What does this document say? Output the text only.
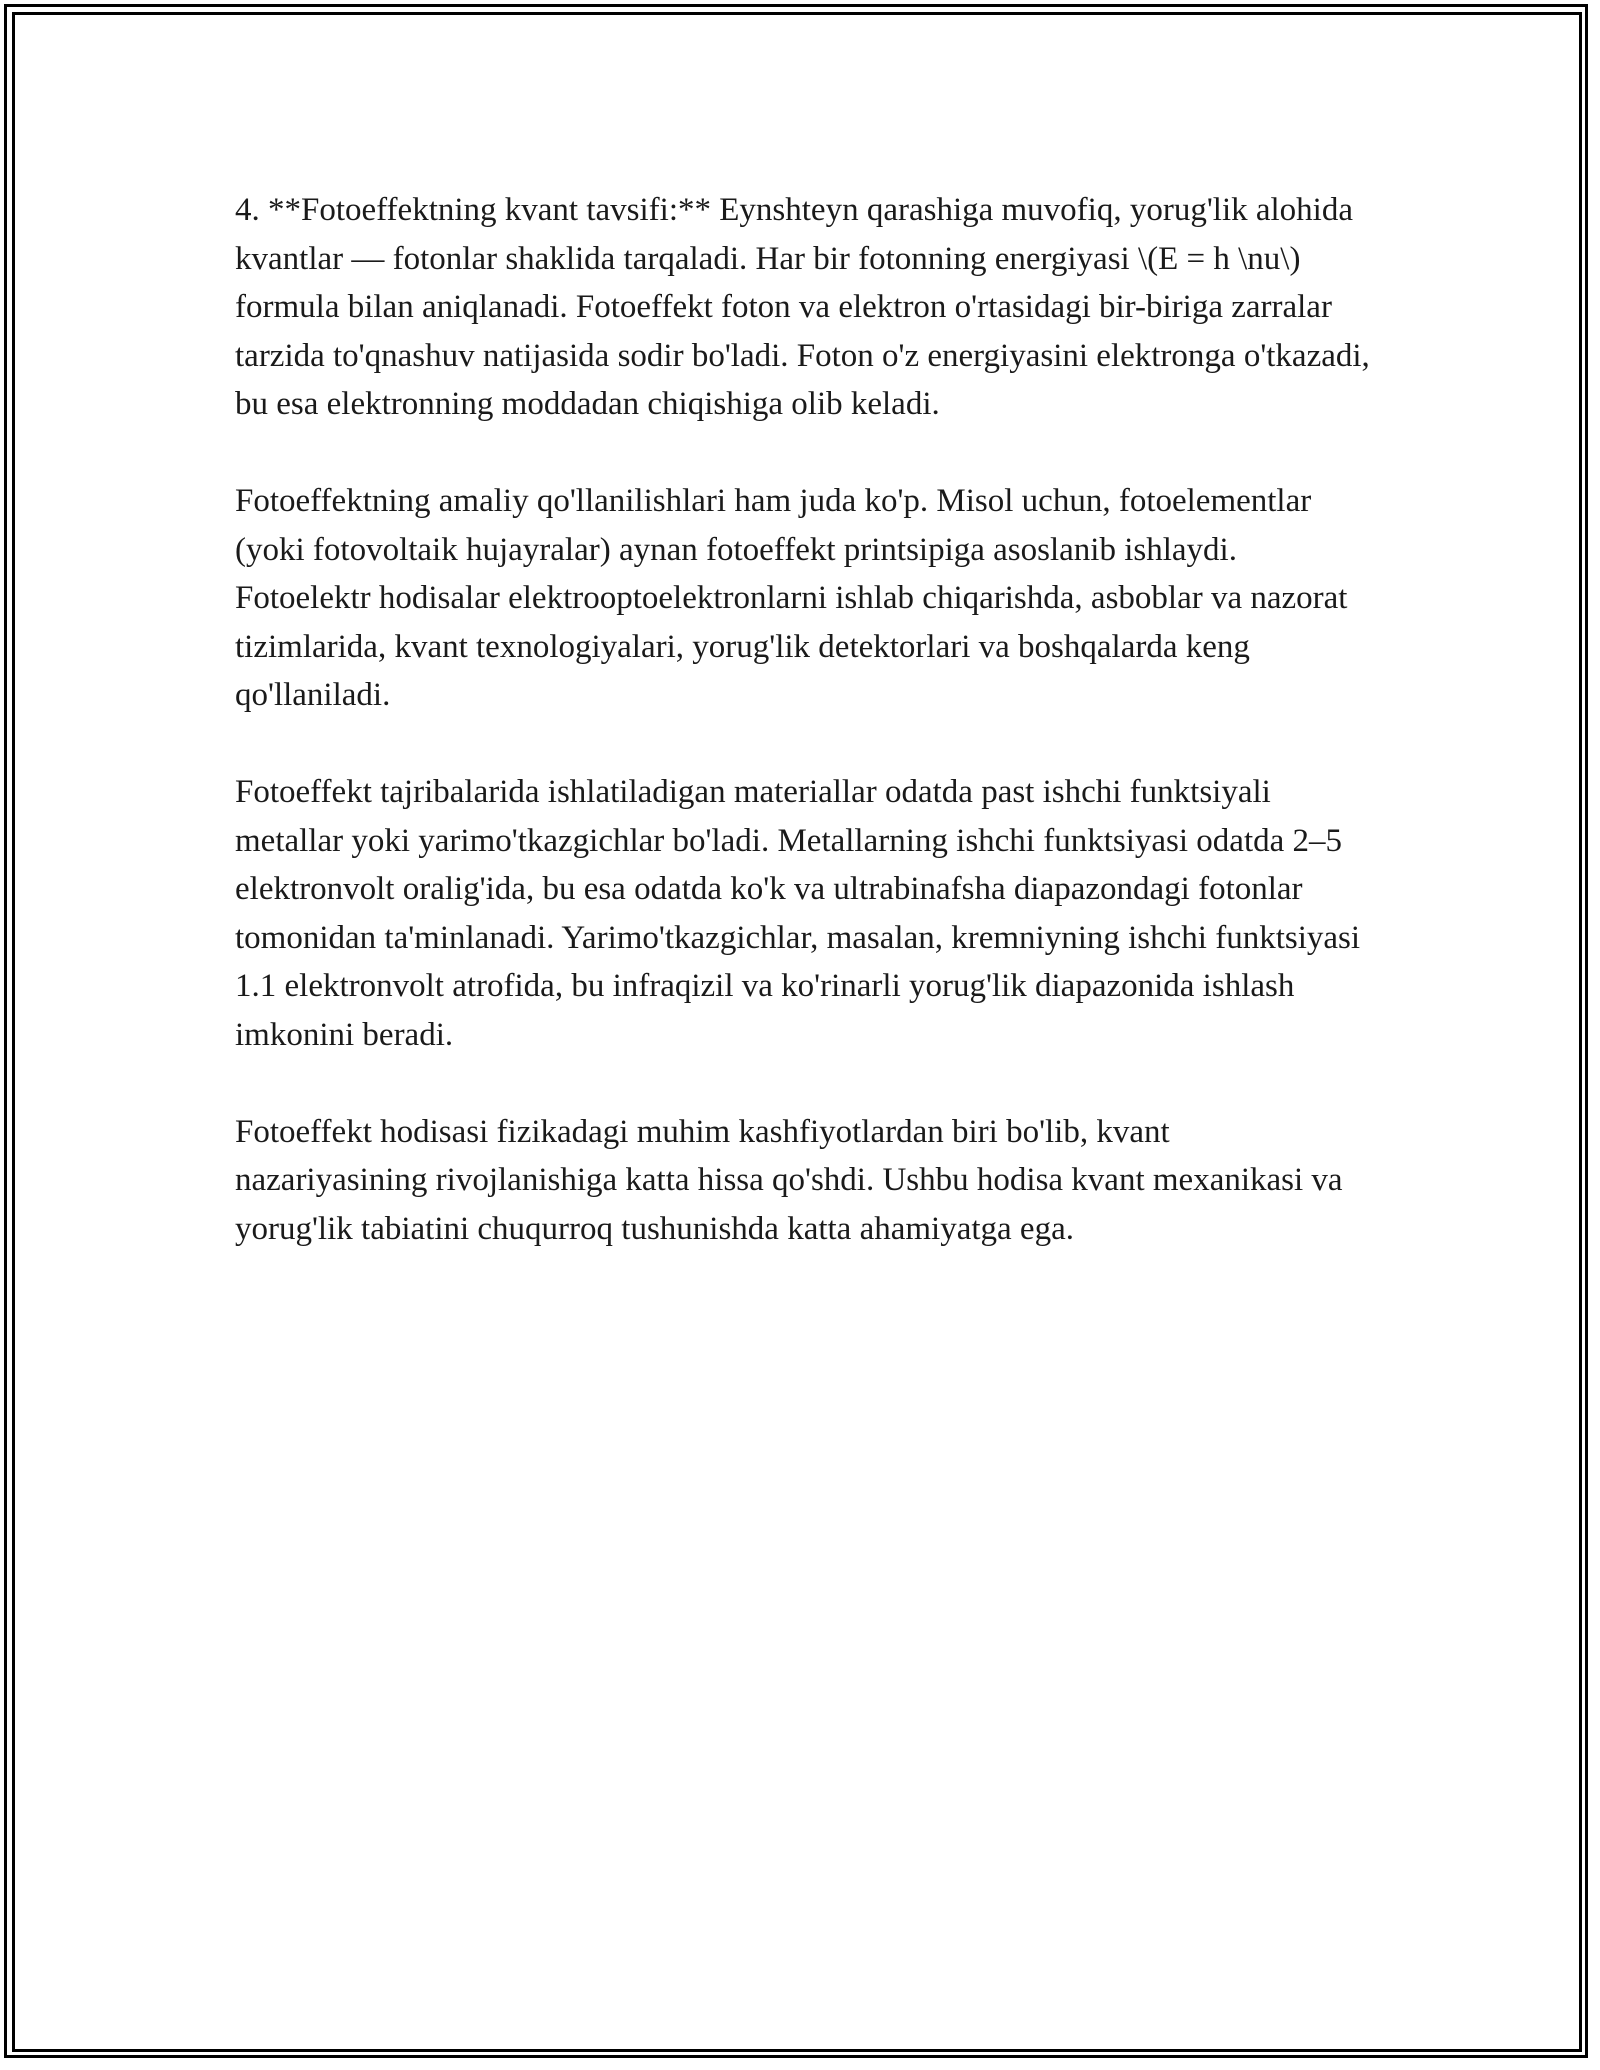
4. **Fotoeffektning kvant tavsifi:** Eynshteyn qarashiga muvofiq, yorug'lik alohida kvantlar — fotonlar shaklida tarqaladi. Har bir fotonning energiyasi \(E = h \nu\) formula bilan aniqlanadi. Fotoeffekt foton va elektron o'rtasidagi bir-biriga zarralar tarzida to'qnashuv natijasida sodir bo'ladi. Foton o'z energiyasini elektronga o'tkazadi, bu esa elektronning moddadan chiqishiga olib keladi.

Fotoeffektning amaliy qo'llanilishlari ham juda ko'p. Misol uchun, fotoelementlar (yoki fotovoltaik hujayralar) aynan fotoeffekt printsipiga asoslanib ishlaydi. Fotoelektr hodisalar elektrooptoelektronlarni ishlab chiqarishda, asboblar va nazorat tizimlarida, kvant texnologiyalari, yorug'lik detektorlari va boshqalarda keng qo'llaniladi.

Fotoeffekt tajribalarida ishlatiladigan materiallar odatda past ishchi funktsiyali metallar yoki yarimo'tkazgichlar bo'ladi. Metallarning ishchi funktsiyasi odatda 2–5 elektronvolt oralig'ida, bu esa odatda ko'k va ultrabinafsha diapazondagi fotonlar tomonidan ta'minlanadi. Yarimo'tkazgichlar, masalan, kremniyning ishchi funktsiyasi 1.1 elektronvolt atrofida, bu infraqizil va ko'rinarli yorug'lik diapazonida ishlash imkonini beradi.

Fotoeffekt hodisasi fizikadagi muhim kashfiyotlardan biri bo'lib, kvant nazariyasining rivojlanishiga katta hissa qo'shdi. Ushbu hodisa kvant mexanikasi va yorug'lik tabiatini chuqurroq tushunishda katta ahamiyatga ega.
